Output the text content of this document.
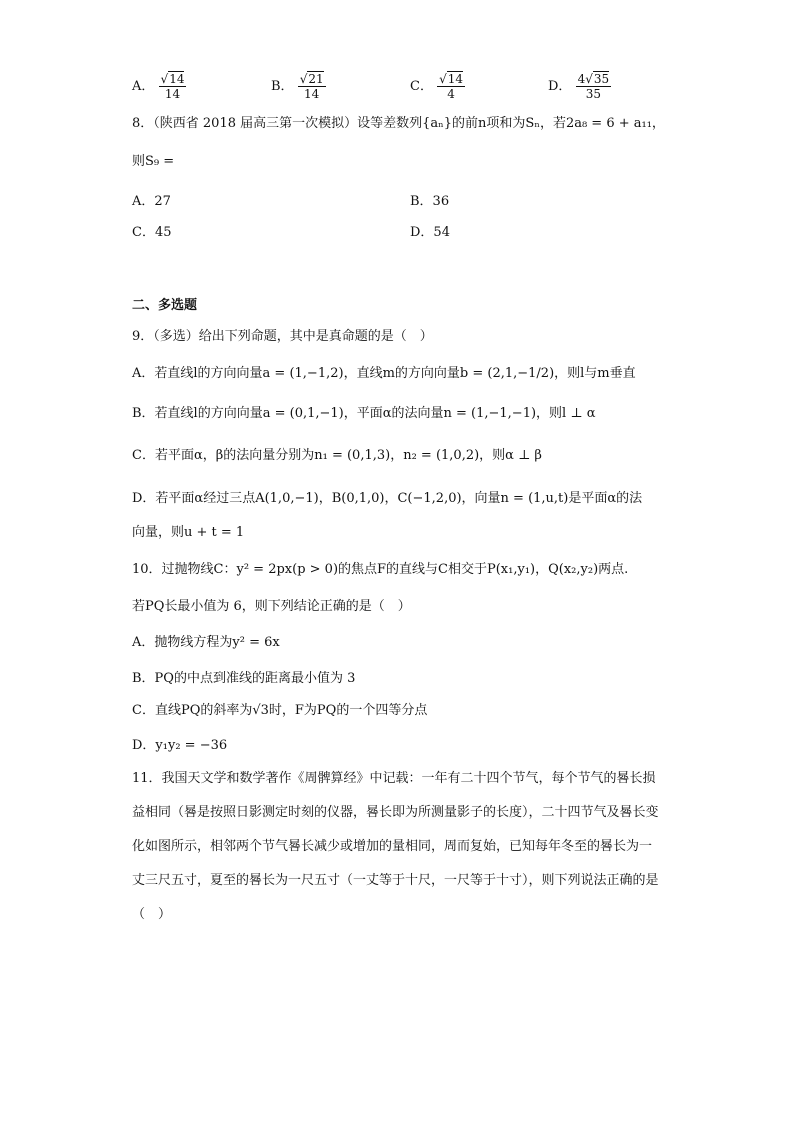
A． $\frac{√14}{14}$	B． $\frac{√21}{14}$	C． $\frac{√14}{4}$	D． $\frac{4√35}{35}$
8．（陕西省 2018 届高三第一次模拟）设等差数列{aₙ}的前n项和为Sₙ，若2a₈ = 6 + a₁₁，
则S₉ =
A．27	B．36
C．45	D．54
二、多选题
9．（多选）给出下列命题，其中是真命题的是（　）
A．若直线l的方向向量a = (1,−1,2)，直线m的方向向量b = (2,1,−1/2)，则l与m垂直
B．若直线l的方向向量a = (0,1,−1)，平面α的法向量n = (1,−1,−1)，则l ⊥ α
C．若平面α，β的法向量分别为n₁ = (0,1,3)，n₂ = (1,0,2)，则α ⊥ β
D．若平面α经过三点A(1,0,−1)，B(0,1,0)，C(−1,2,0)，向量n = (1,u,t)是平面α的法
向量，则u + t = 1
10．过抛物线C：y² = 2px(p > 0)的焦点F的直线与C相交于P(x₁,y₁)，Q(x₂,y₂)两点.
若PQ长最小值为 6，则下列结论正确的是（　）
A．抛物线方程为y² = 6x
B．PQ的中点到准线的距离最小值为 3
C．直线PQ的斜率为√3时，F为PQ的一个四等分点
D．y₁y₂ = −36
11．我国天文学和数学著作《周髀算经》中记载：一年有二十四个节气，每个节气的晷长损益相同（晷是按照日影测定时刻的仪器，晷长即为所测量影子的长度），二十四节气及晷长变化如图所示，相邻两个节气晷长减少或增加的量相同，周而复始，已知每年冬至的晷长为一丈三尺五寸，夏至的晷长为一尺五寸（一丈等于十尺，一尺等于十寸），则下列说法正确的是（　）
